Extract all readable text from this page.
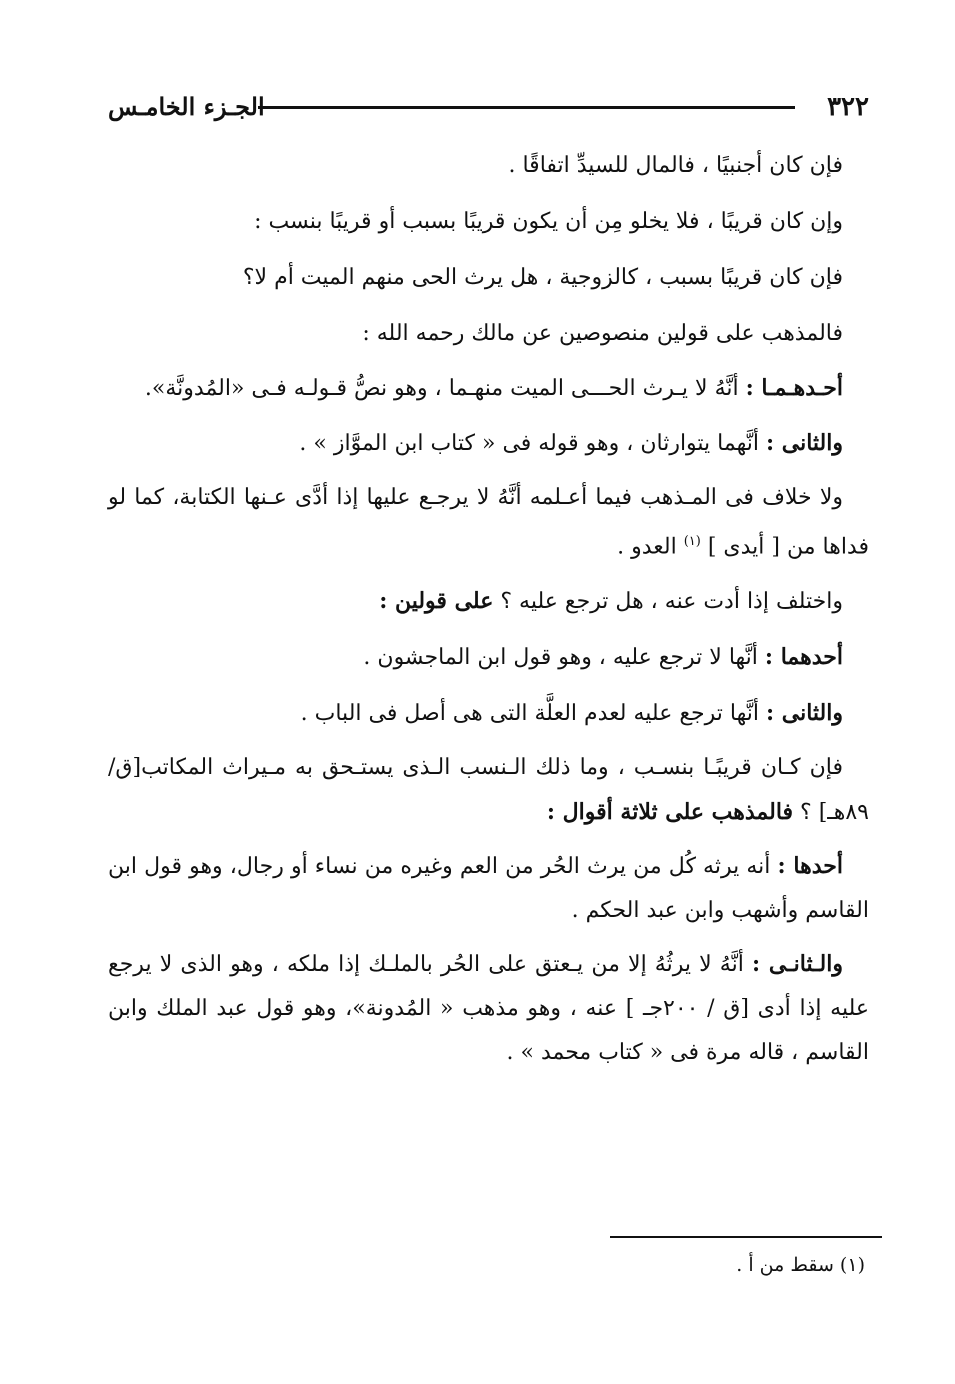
٣٢٢
الجـزء الخامـس

فإن كان أجنبيًا ، فالمال للسيدِّ اتفاقًا .

وإن كان قريبًا ، فلا يخلو مِن أن يكون قريبًا بسبب أو قريبًا بنسب :

فإن كان قريبًا بسبب ، كالزوجية ، هل يرث الحى منهم الميت أم لا؟

فالمذهب على قولين منصوصين عن مالك رحمه الله :

أحـدهـمـا : أنَّهُ لا يـرث الحـــى الميت منهـما ، وهو نصُّ قـولـه فـى «المُدونَّة».

والثانى : أنَّهما يتوارثان ، وهو قوله فى « كتاب ابن الموَّاز » .

ولا خلاف فى المـذهب فيما أعـلمه أنَّهُ لا يرجـع عليها إذا أدَّى عـنها الكتابة، كما لو فداها من [ أيدى ] $^{(١)}$ العدو .

واختلف إذا أدت عنه ، هل ترجع عليه ؟ على قولين :

أحدهما : أنَّها لا ترجع عليه ، وهو قول ابن الماجشون .

والثانى : أنَّها ترجع عليه لعدم العلَّة التى هى أصل فى الباب .

فإن كـان قريبًـا بنسـب ، وما ذلك الـنسب الـذى يستـحق به مـيراث المكاتب[ق/ ٨٩هـ] ؟ فالمذهب على ثلاثة أقوال :

أحدها : أنه يرثه كُل من يرث الحُر من العم وغيره من نساء أو رجال، وهو قول ابن القاسم وأشهب وابن عبد الحكم .

والـثانـى : أنَّهُ لا يرثُهُ إلا من يـعتق على الحُر بالملـك إذا ملكه ، وهو الذى لا يرجع عليه إذا أدى [ق / ٢٠٠جـ ] عنه ، وهو مذهب « المُدونة»، وهو قول عبد الملك وابن القاسم ، قاله مرة فى « كتاب محمد » .

(١) سقط من أ .
